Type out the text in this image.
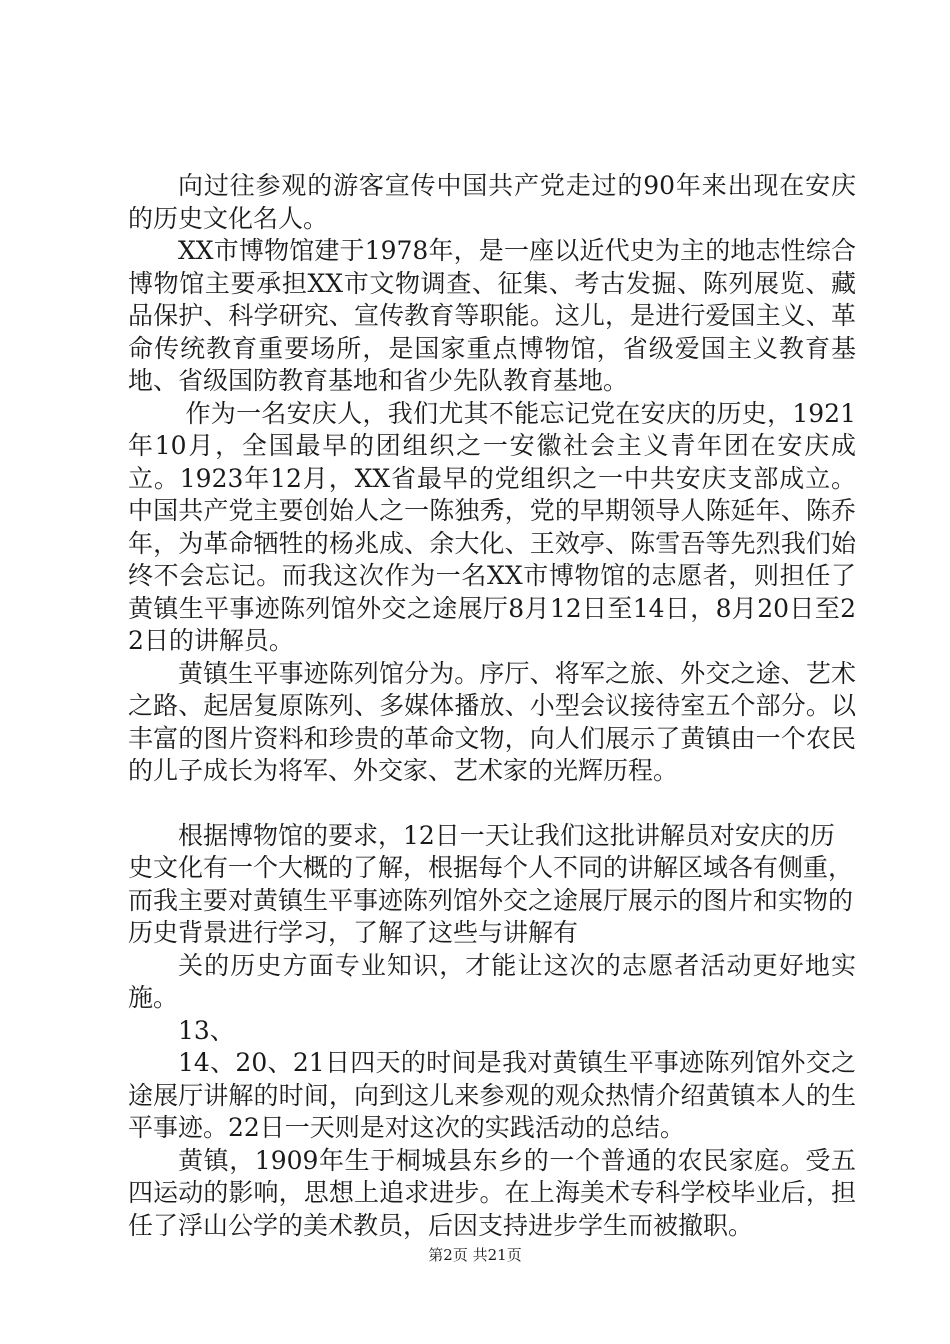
向过往参观的游客宣传中国共产党走过的90年来出现在安庆的历史文化名人。

XX市博物馆建于1978年，是一座以近代史为主的地志性综合博物馆主要承担XX市文物调查、征集、考古发掘、陈列展览、藏品保护、科学研究、宣传教育等职能。这儿，是进行爱国主义、革命传统教育重要场所，是国家重点博物馆，省级爱国主义教育基地、省级国防教育基地和省少先队教育基地。

作为一名安庆人，我们尤其不能忘记党在安庆的历史，1921年10月，全国最早的团组织之一安徽社会主义青年团在安庆成立。1923年12月，XX省最早的党组织之一中共安庆支部成立。中国共产党主要创始人之一陈独秀，党的早期领导人陈延年、陈乔年，为革命牺牲的杨兆成、余大化、王效亭、陈雪吾等先烈我们始终不会忘记。而我这次作为一名XX市博物馆的志愿者，则担任了黄镇生平事迹陈列馆外交之途展厅8月12日至14日，8月20日至22日的讲解员。

黄镇生平事迹陈列馆分为。序厅、将军之旅、外交之途、艺术之路、起居复原陈列、多媒体播放、小型会议接待室五个部分。以丰富的图片资料和珍贵的革命文物，向人们展示了黄镇由一个农民的儿子成长为将军、外交家、艺术家的光辉历程。

根据博物馆的要求，12日一天让我们这批讲解员对安庆的历史文化有一个大概的了解，根据每个人不同的讲解区域各有侧重，而我主要对黄镇生平事迹陈列馆外交之途展厅展示的图片和实物的历史背景进行学习，了解了这些与讲解有

关的历史方面专业知识，才能让这次的志愿者活动更好地实施。

13、

14、20、21日四天的时间是我对黄镇生平事迹陈列馆外交之途展厅讲解的时间，向到这儿来参观的观众热情介绍黄镇本人的生平事迹。22日一天则是对这次的实践活动的总结。

黄镇，1909年生于桐城县东乡的一个普通的农民家庭。受五四运动的影响，思想上追求进步。在上海美术专科学校毕业后，担任了浮山公学的美术教员，后因支持进步学生而被撤职。

第2页 共21页
